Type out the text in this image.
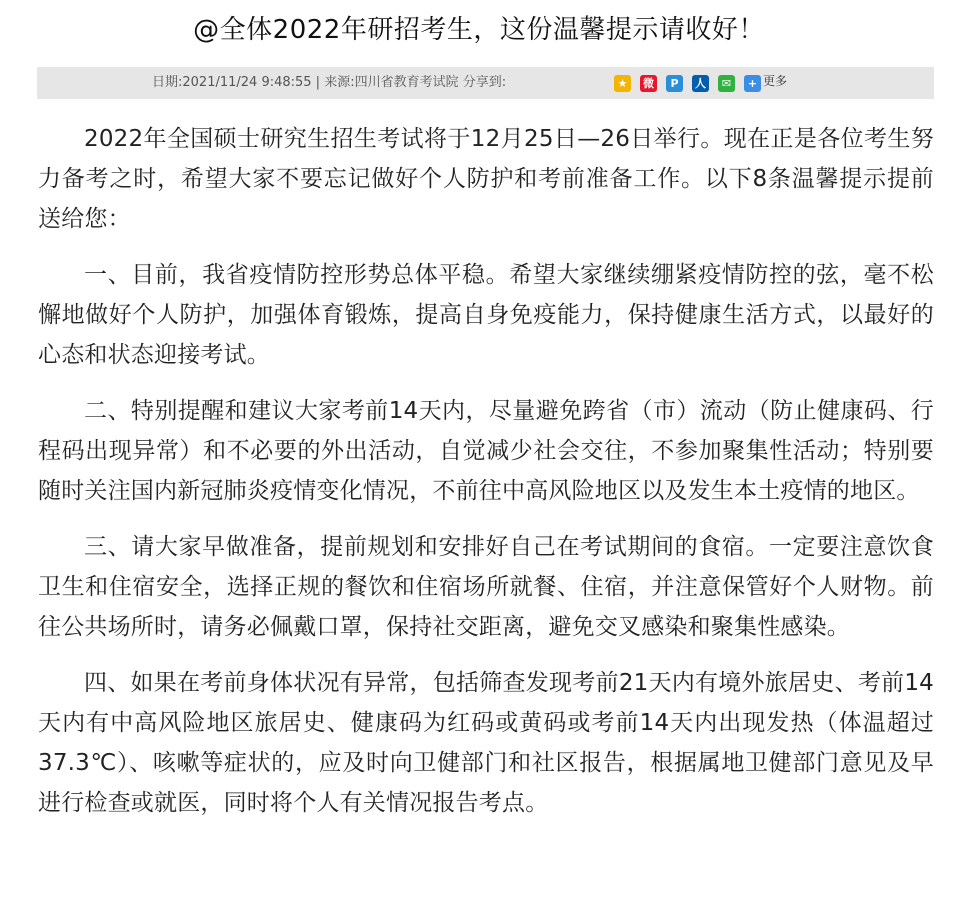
@全体2022年研招考生，这份温馨提示请收好！
日期:2021/11/24 9:48:55 | 来源:四川省教育考试院 分享到:	★	微	P	人	✉	+ 更多

2022年全国硕士研究生招生考试将于12月25日—26日举行。现在正是各位考生努力备考之时，希望大家不要忘记做好个人防护和考前准备工作。以下8条温馨提示提前送给您：

一、目前，我省疫情防控形势总体平稳。希望大家继续绷紧疫情防控的弦，毫不松懈地做好个人防护，加强体育锻炼，提高自身免疫能力，保持健康生活方式，以最好的心态和状态迎接考试。

二、特别提醒和建议大家考前14天内，尽量避免跨省（市）流动（防止健康码、行程码出现异常）和不必要的外出活动，自觉减少社会交往，不参加聚集性活动；特别要随时关注国内新冠肺炎疫情变化情况，不前往中高风险地区以及发生本土疫情的地区。

三、请大家早做准备，提前规划和安排好自己在考试期间的食宿。一定要注意饮食卫生和住宿安全，选择正规的餐饮和住宿场所就餐、住宿，并注意保管好个人财物。前往公共场所时，请务必佩戴口罩，保持社交距离，避免交叉感染和聚集性感染。

四、如果在考前身体状况有异常，包括筛查发现考前21天内有境外旅居史、考前14天内有中高风险地区旅居史、健康码为红码或黄码或考前14天内出现发热（体温超过37.3℃）、咳嗽等症状的，应及时向卫健部门和社区报告，根据属地卫健部门意见及早进行检查或就医，同时将个人有关情况报告考点。
